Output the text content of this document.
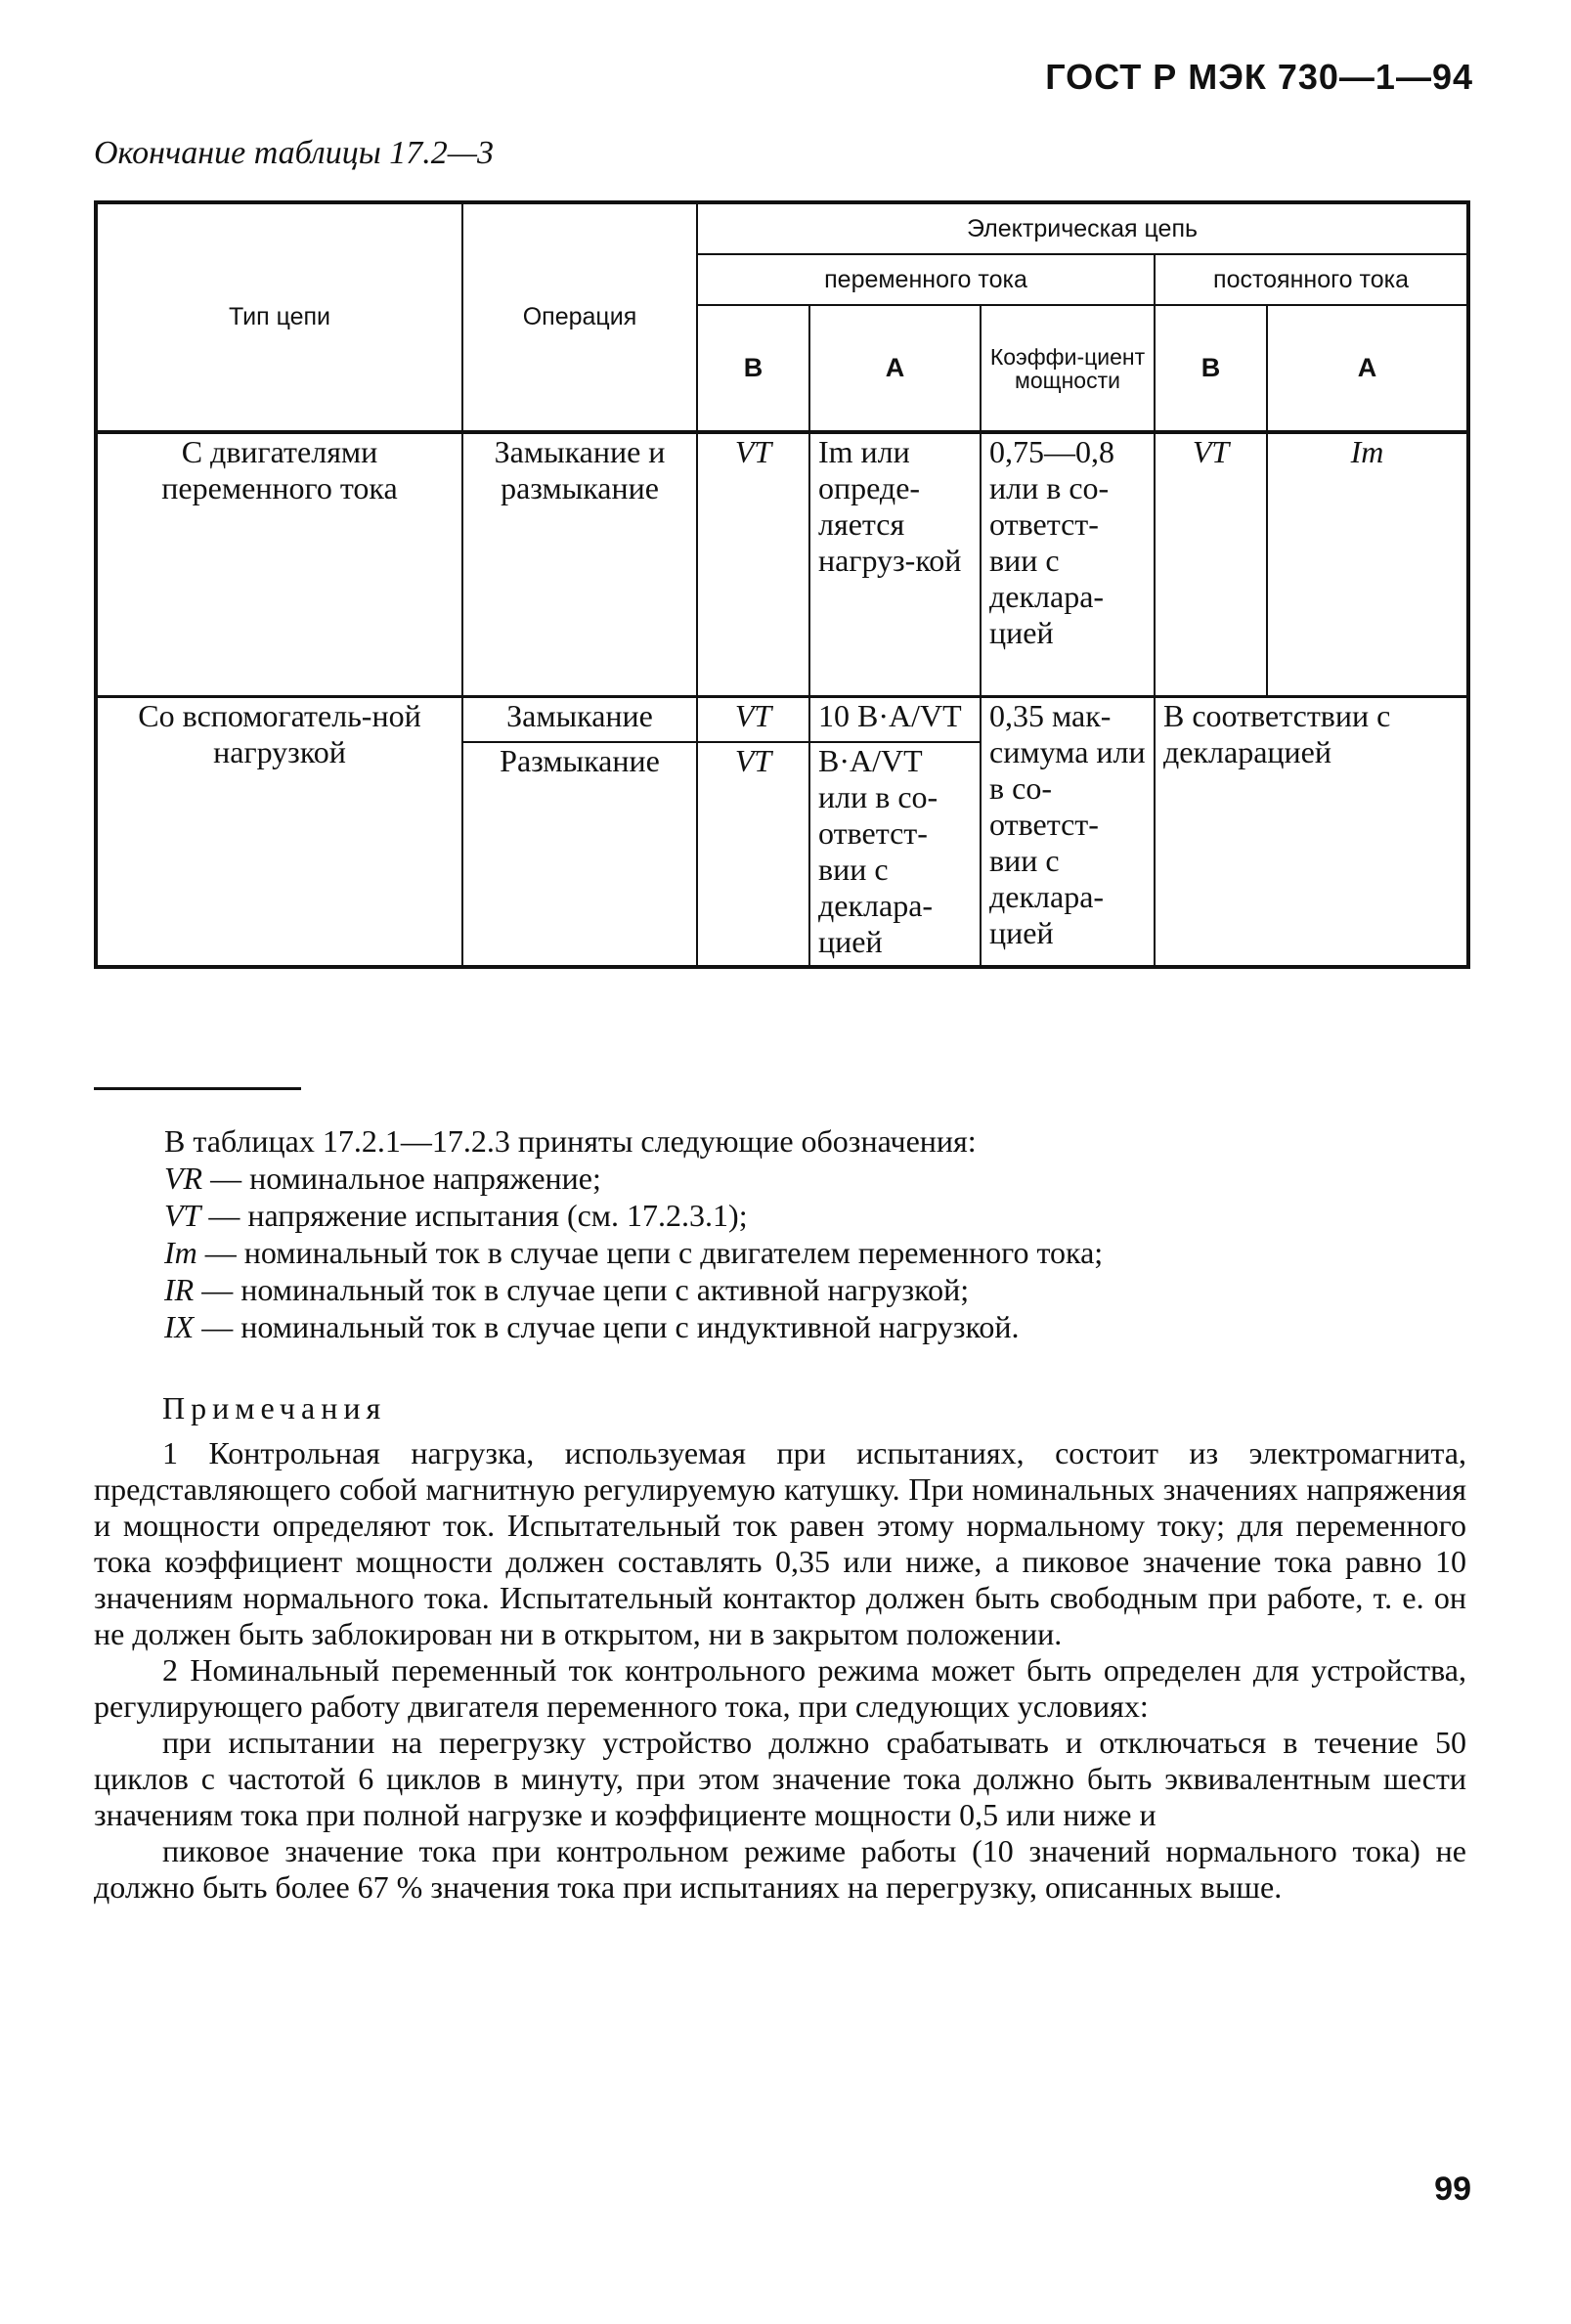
ГОСТ Р МЭК 730—1—94
Окончание таблицы 17.2—3
Тип цепи	Операция	Электрическая цепь				
		переменного тока			постоянного тока	
		В	А	Коэффи-циент мощности	В	А
С двигателями переменного тока	Замыкание и размыкание	VT	Im или опреде-ляется нагруз-кой	0,75—0,8 или в со-ответст-вии с деклара-цией	VT	Im
Со вспомогатель-ной нагрузкой	Замыкание	VT	10 В·А/VT	0,35 мак-симума или в со-ответст-вии с деклара-цией	В соответствии с декларацией	
	Размыкание	VT	В·А/VT или в со-ответст-вии с деклара-цией			
В таблицах 17.2.1—17.2.3 приняты следующие обозначения:
VR — номинальное напряжение;
VT — напряжение испытания (см. 17.2.3.1);
Im — номинальный ток в случае цепи с двигателем переменного тока;
IR — номинальный ток в случае цепи с активной нагрузкой;
IX — номинальный ток в случае цепи с индуктивной нагрузкой.
Примечания

1 Контрольная нагрузка, используемая при испытаниях, состоит из электромагнита, представляющего собой магнитную регулируемую катушку. При номинальных значениях напряжения и мощности определяют ток. Испытательный ток равен этому нормальному току; для переменного тока коэффициент мощности должен составлять 0,35 или ниже, а пиковое значение тока равно 10 значениям нормального тока. Испытательный контактор должен быть свободным при работе, т. е. он не должен быть заблокирован ни в открытом, ни в закрытом положении.

2 Номинальный переменный ток контрольного режима может быть определен для устройства, регулирующего работу двигателя переменного тока, при следующих условиях:

при испытании на перегрузку устройство должно срабатывать и отключаться в течение 50 циклов с частотой 6 циклов в минуту, при этом значение тока должно быть эквивалентным шести значениям тока при полной нагрузке и коэффициенте мощности 0,5 или ниже и

пиковое значение тока при контрольном режиме работы (10 значений нормального тока) не должно быть более 67 % значения тока при испытаниях на перегрузку, описанных выше.

99
